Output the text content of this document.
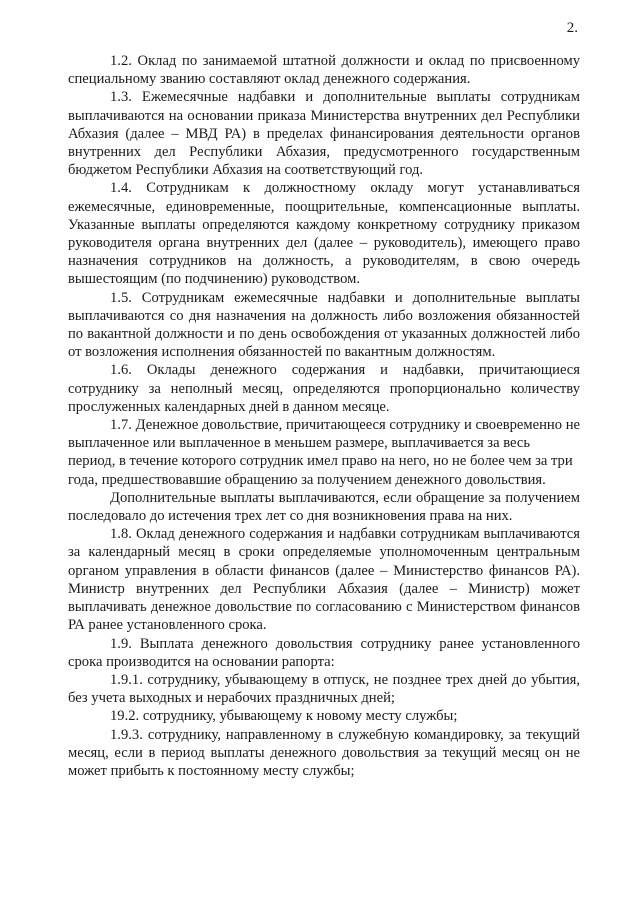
2.

1.2. Оклад по занимаемой штатной должности и оклад по присвоенному специальному званию составляют оклад денежного содержания.

1.3. Ежемесячные надбавки и дополнительные выплаты сотрудникам выплачиваются на основании приказа Министерства внутренних дел Республики Абхазия (далее – МВД РА) в пределах финансирования деятельности органов внутренних дел Республики Абхазия, предусмотренного государственным бюджетом Республики Абхазия на соответствующий год.

1.4. Сотрудникам к должностному окладу могут устанавливаться ежемесячные, единовременные, поощрительные, компенсационные выплаты. Указанные выплаты определяются каждому конкретному сотруднику приказом руководителя органа внутренних дел (далее – руководитель), имеющего право назначения сотрудников на должность, а руководителям, в свою очередь вышестоящим (по подчинению) руководством.

1.5. Сотрудникам ежемесячные надбавки и дополнительные выплаты выплачиваются со дня назначения на должность либо возложения обязанностей по вакантной должности и по день освобождения от указанных должностей либо от возложения исполнения обязанностей по вакантным должностям.

1.6. Оклады денежного содержания и надбавки, причитающиеся сотруднику за неполный месяц, определяются пропорционально количеству прослуженных календарных дней в данном месяце.

1.7. Денежное довольствие, причитающееся сотруднику и своевременно не выплаченное или выплаченное в меньшем размере, выплачивается за весь

период, в течение которого сотрудник имел право на него, но не более чем за три года, предшествовавшие обращению за получением денежного довольствия.

Дополнительные выплаты выплачиваются, если обращение за получением последовало до истечения трех лет со дня возникновения права на них.

1.8. Оклад денежного содержания и надбавки сотрудникам выплачиваются за календарный месяц в сроки определяемые уполномоченным центральным органом управления в области финансов (далее – Министерство финансов РА). Министр внутренних дел Республики Абхазия (далее – Министр) может выплачивать денежное довольствие по согласованию с Министерством финансов РА ранее установленного срока.

1.9. Выплата денежного довольствия сотруднику ранее установленного срока производится на основании рапорта:

1.9.1. сотруднику, убывающему в отпуск, не позднее трех дней до убытия, без учета выходных и нерабочих праздничных дней;

19.2. сотруднику, убывающему к новому месту службы;

1.9.3. сотруднику, направленному в служебную командировку, за текущий месяц, если в период выплаты денежного довольствия за текущий месяц он не может прибыть к постоянному месту службы;
